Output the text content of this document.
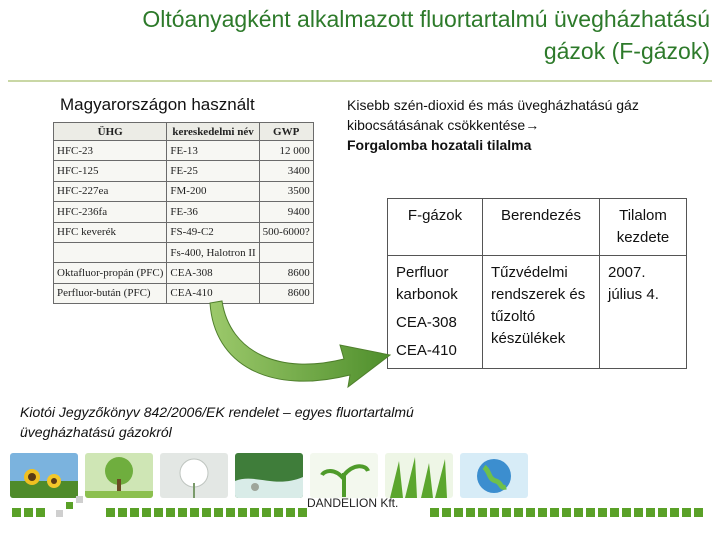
Oltóanyagként alkalmazott fluortartalmú üvegházhatású
gázok (F-gázok)
Magyarországon használt
ÜHG	kereskedelmi név	GWP
HFC-23	FE-13	12 000
HFC-125	FE-25	3400
HFC-227ea	FM-200	3500
HFC-236fa	FE-36	9400
HFC keverék	FS-49-C2	500-6000?
	Fs-400, Halotron II	
Oktafluor-propán (PFC)	CEA-308	8600
Perfluor-bután (PFC)	CEA-410	8600
Kisebb szén-dioxid és más üvegházhatású gáz kibocsátásának csökkentése→
Forgalomba hozatali tilalma
F-gázok	Berendezés	Tilalom kezdete

Perfluor karbonok
CEA-308
CEA-410	Tűzvédelmi rendszerek és tűzoltó készülékek	2007. július 4.
Kiotói Jegyzőkönyv 842/2006/EK rendelet – egyes fluortartalmú üvegházhatású gázokról
DANDELION Kft.
